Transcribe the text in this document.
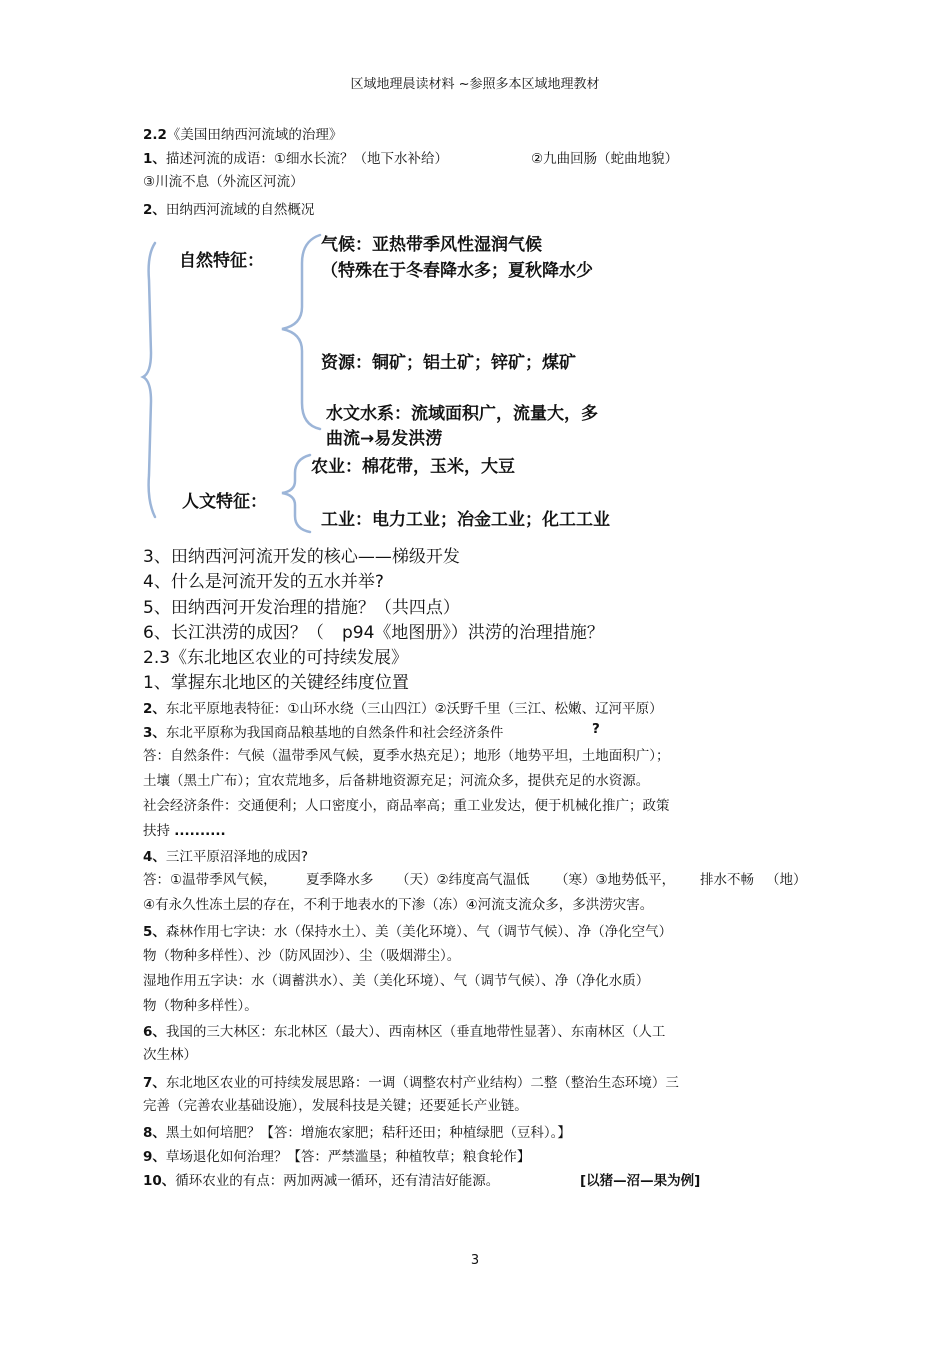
区域地理晨读材料 ~参照多本区域地理教材
2.2《美国田纳西河流域的治理》
1、描述河流的成语：①细水长流？（地下水补给）	②九曲回肠（蛇曲地貌）
③川流不息（外流区河流）
2、田纳西河流域的自然概况
自然特征：
气候：亚热带季风性湿润气候
（特殊在于冬春降水多；夏秋降水少
资源：铜矿；铝土矿；锌矿；煤矿
水文水系：流域面积广，流量大，多
曲流→易发洪涝
人文特征：
农业：棉花带，玉米，大豆
工业：电力工业；冶金工业；化工工业
3、田纳西河河流开发的核心——梯级开发
4、什么是河流开发的五水并举?
5、田纳西河开发治理的措施？（共四点）
6、长江洪涝的成因？（ p94《地图册》）洪涝的治理措施？
2.3《东北地区农业的可持续发展》
1、掌握东北地区的关键经纬度位置
2、东北平原地表特征：①山环水绕（三山四江）②沃野千里（三江、松嫩、辽河平原）
3、东北平原称为我国商品粮基地的自然条件和社会经济条件	?
答：自然条件：气候（温带季风气候，夏季水热充足）；地形（地势平坦，土地面积广）；
土壤（黑土广布）；宜农荒地多，后备耕地资源充足；河流众多，提供充足的水资源。
社会经济条件：交通便利；人口密度小，商品率高；重工业发达，便于机械化推广；政策
扶持 ..........
4、三江平原沼泽地的成因?
答：①温带季风气候， 夏季降水多 （天）②纬度高气温低 （寒）③地势低平， 排水不畅 （地）
④有永久性冻土层的存在，不利于地表水的下渗（冻）④河流支流众多，多洪涝灾害。
5、森林作用七字诀：水（保持水土）、美（美化环境）、气（调节气候）、净（净化空气）
物（物种多样性）、沙（防风固沙）、尘（吸烟滞尘）。
湿地作用五字诀：水（调蓄洪水）、美（美化环境）、气（调节气候）、净（净化水质）
物（物种多样性）。
6、我国的三大林区：东北林区（最大）、西南林区（垂直地带性显著）、东南林区（人工
次生林）
7、东北地区农业的可持续发展思路：一调（调整农村产业结构）二整（整治生态环境）三
完善（完善农业基础设施），发展科技是关键；还要延长产业链。
8、黑土如何培肥？【答：增施农家肥；秸秆还田；种植绿肥（豆科）。】
9、草场退化如何治理？【答：严禁滥垦；种植牧草；粮食轮作】
10、循环农业的有点：两加两减一循环，还有清洁好能源。	[以猪—沼—果为例]
3
